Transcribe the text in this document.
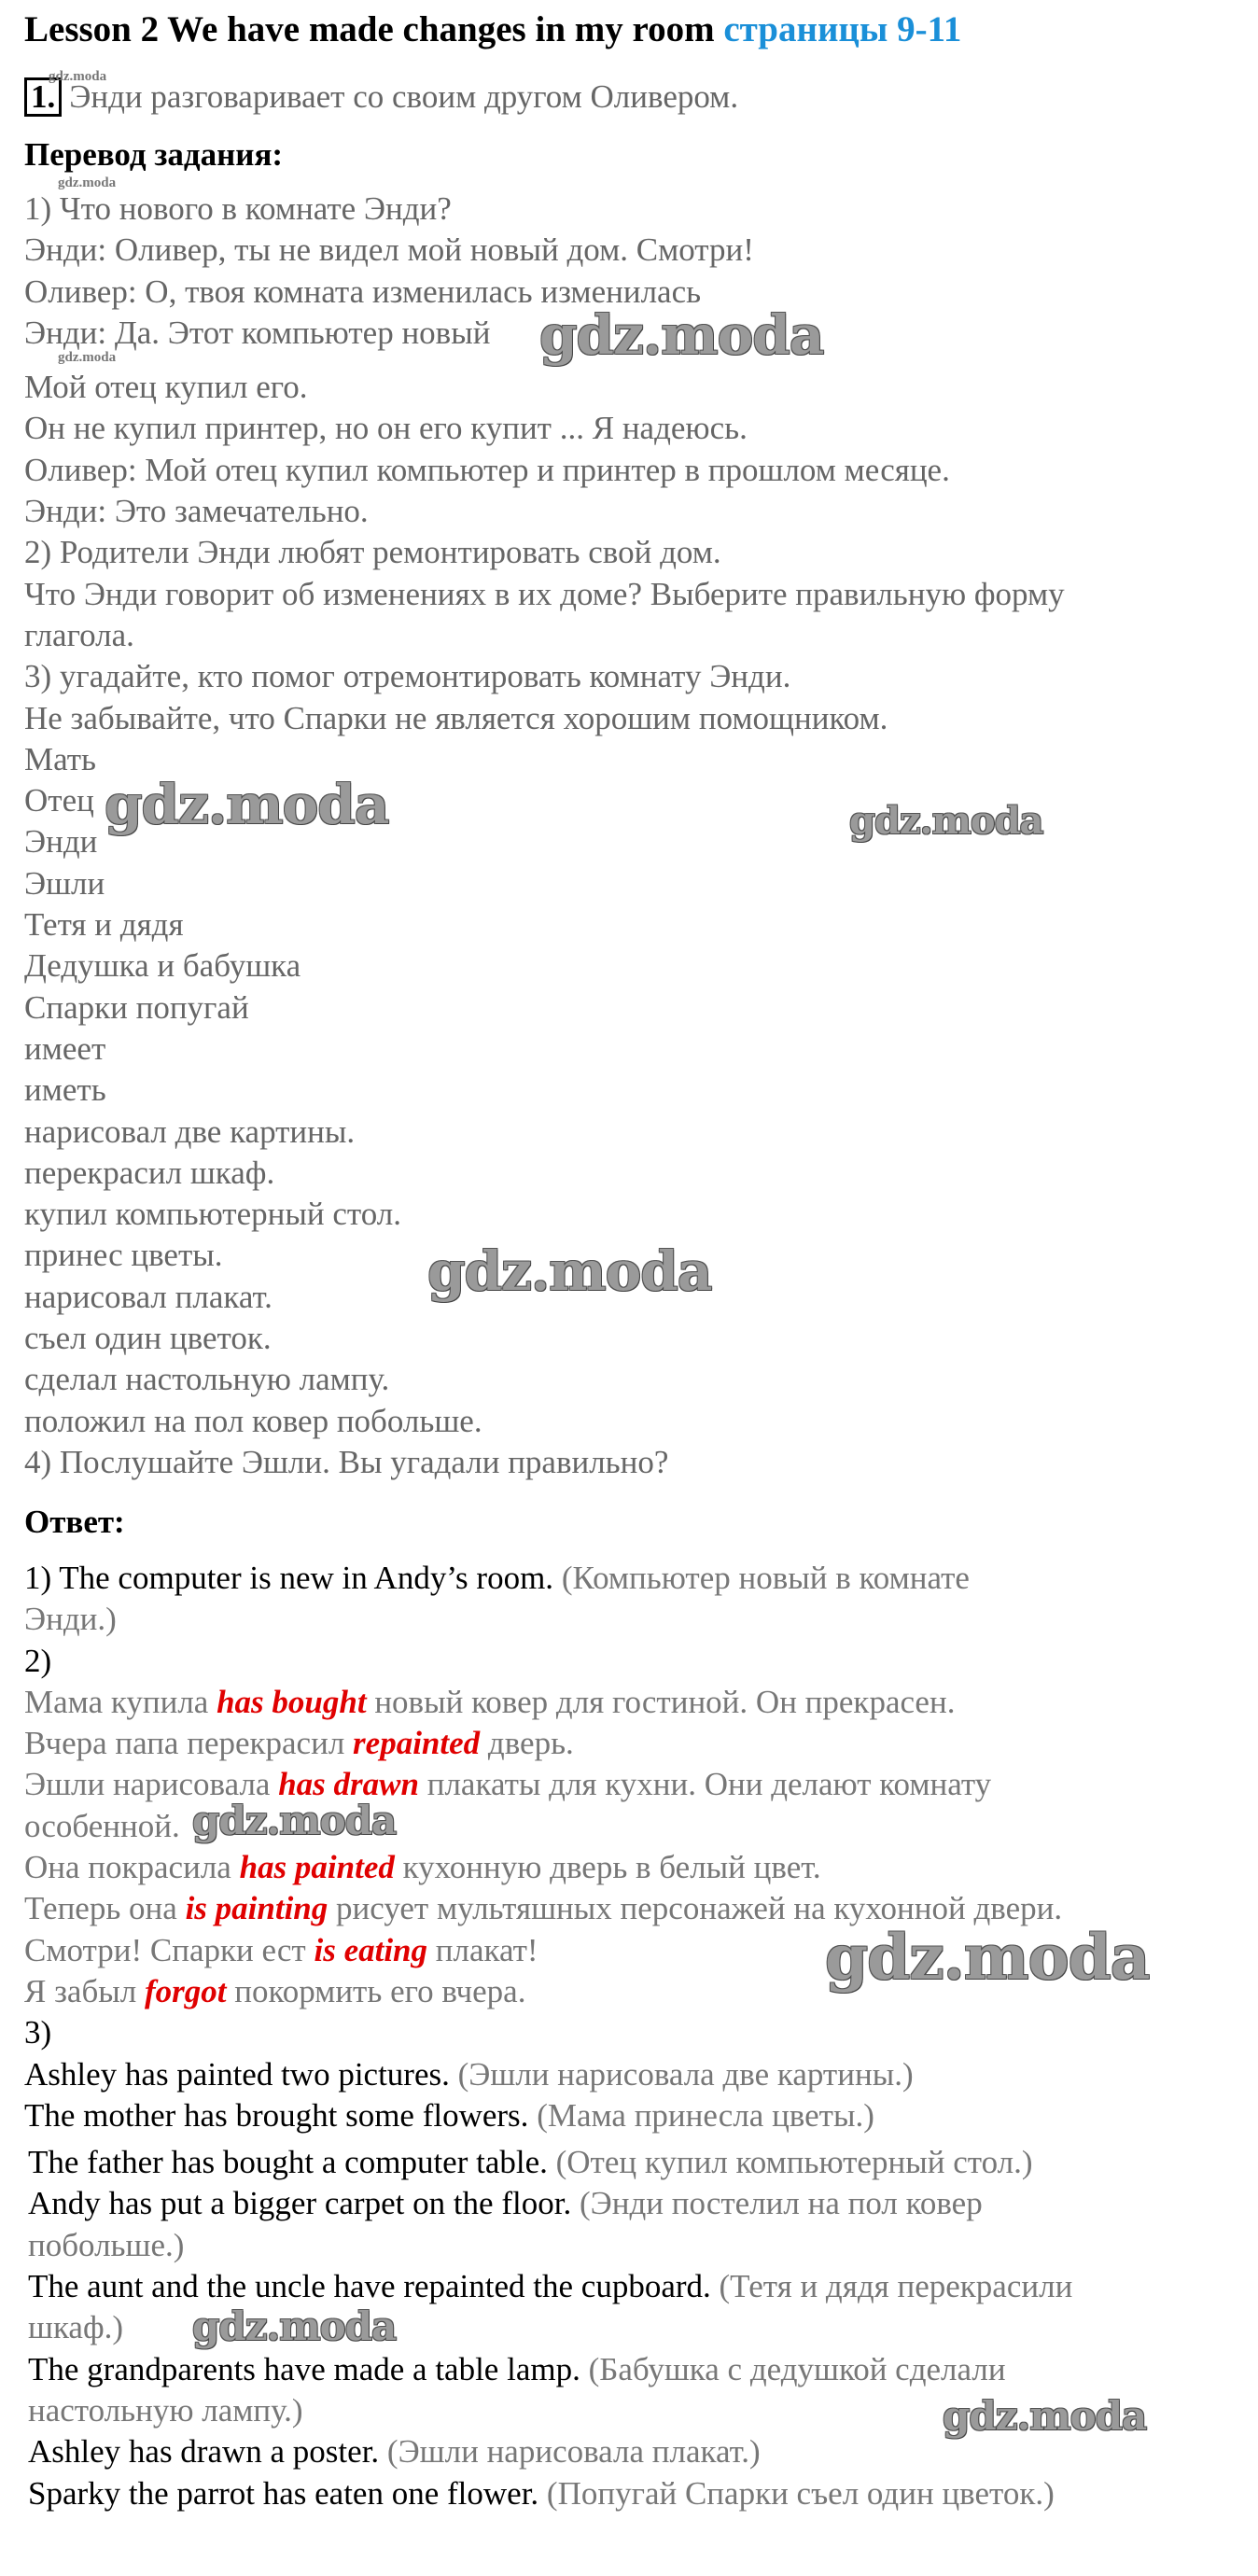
Lesson 2 We have made changes in my room страницы 9-11
1. Энди разговаривает со своим другом Оливером.
Перевод задания:
1) Что нового в комнате Энди?
Энди: Оливер, ты не видел мой новый дом. Смотри!
Оливер: О, твоя комната изменилась изменилась
Энди: Да. Этот компьютер новый
Мой отец купил его.
Он не купил принтер, но он его купит ... Я надеюсь.
Оливер: Мой отец купил компьютер и принтер в прошлом месяце.
Энди: Это замечательно.
2) Родители Энди любят ремонтировать свой дом.
Что Энди говорит об изменениях в их доме? Выберите правильную форму
глагола.
3) угадайте, кто помог отремонтировать комнату Энди.
Не забывайте, что Спарки не является хорошим помощником.
Мать
Отец
Энди
Эшли
Тетя и дядя
Дедушка и бабушка
Спарки попугай
имеет
иметь
нарисовал две картины.
перекрасил шкаф.
купил компьютерный стол.
принес цветы.
нарисовал плакат.
съел один цветок.
сделал настольную лампу.
положил на пол ковер побольше.
4) Послушайте Эшли. Вы угадали правильно?
Ответ:
1) The computer is new in Andy’s room. (Компьютер новый в комнате
Энди.)
2)
Мама купила has bought новый ковер для гостиной. Он прекрасен.
Вчера папа перекрасил repainted дверь.
Эшли нарисовала has drawn плакаты для кухни. Они делают комнату
особенной.
Она покрасила has painted кухонную дверь в белый цвет.
Теперь она is painting рисует мультяшных персонажей на кухонной двери.
Смотри! Спарки ест is eating плакат!
Я забыл forgot покормить его вчера.
3)
Ashley has painted two pictures. (Эшли нарисовала две картины.)
The mother has brought some flowers. (Мама принесла цветы.)
The father has bought a computer table. (Отец купил компьютерный стол.)
Andy has put a bigger carpet on the floor. (Энди постелил на пол ковер
побольше.)
The aunt and the uncle have repainted the cupboard. (Тетя и дядя перекрасили
шкаф.)
The grandparents have made a table lamp. (Бабушка с дедушкой сделали
настольную лампу.)
Ashley has drawn a poster. (Эшли нарисовала плакат.)
Sparky the parrot has eaten one flower. (Попугай Спарки съел один цветок.)
gdz.moda
gdz.moda
gdz.moda	gdz.moda
gdz.moda	gdz.moda
gdz.moda
gdz.moda
gdz.moda
gdz.moda
gdz.moda
